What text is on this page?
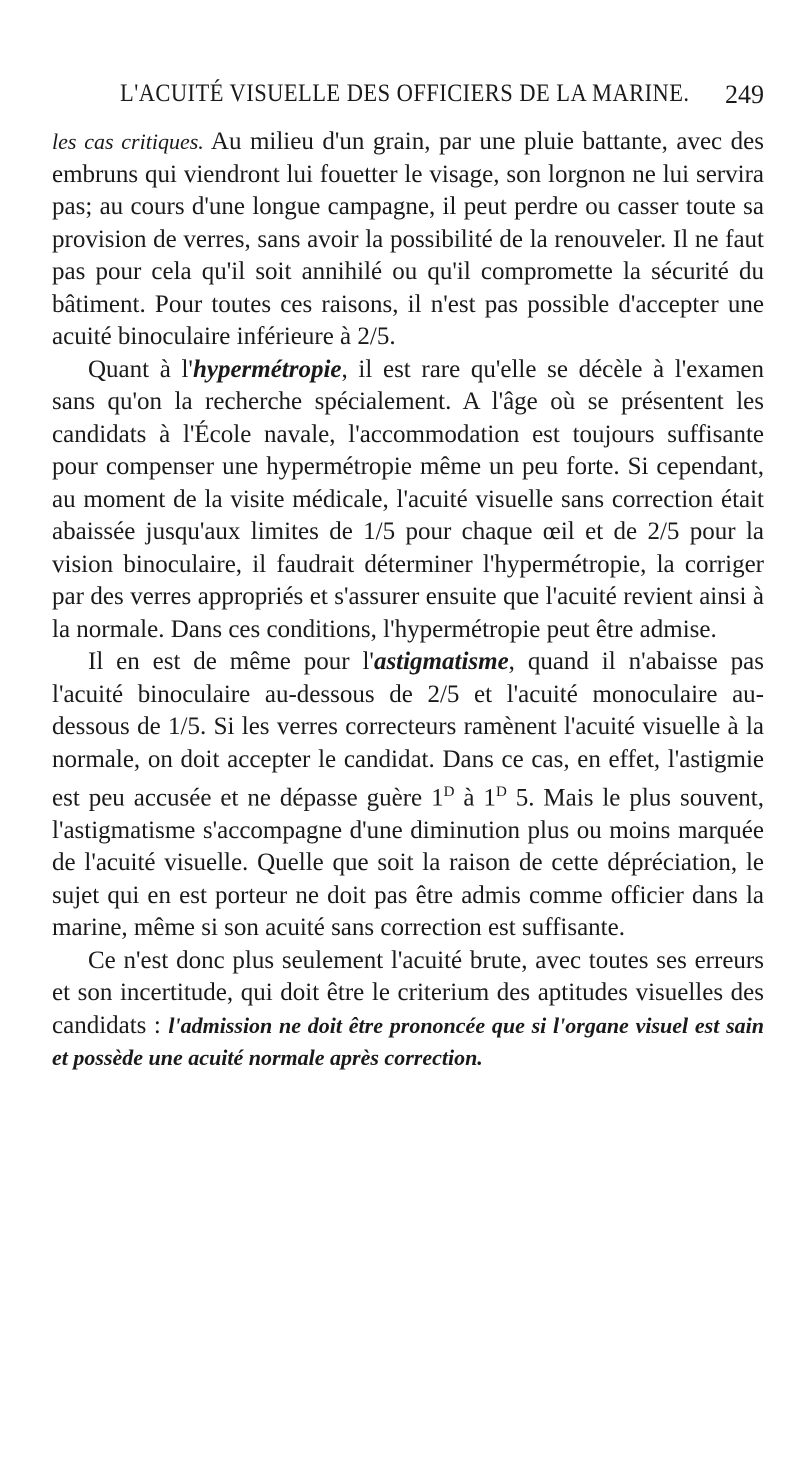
L'ACUITÉ VISUELLE DES OFFICIERS DE LA MARINE. 249

les cas critiques. Au milieu d'un grain, par une pluie battante, avec des embruns qui viendront lui fouetter le visage, son lorgnon ne lui servira pas; au cours d'une longue campagne, il peut perdre ou casser toute sa provision de verres, sans avoir la possibilité de la renouveler. Il ne faut pas pour cela qu'il soit annihilé ou qu'il compromette la sécurité du bâtiment. Pour toutes ces raisons, il n'est pas possible d'accepter une acuité binoculaire inférieure à 2/5.

Quant à l'hypermétropie, il est rare qu'elle se décèle à l'examen sans qu'on la recherche spécialement. A l'âge où se présentent les candidats à l'École navale, l'accommodation est toujours suffisante pour compenser une hypermétropie même un peu forte. Si cependant, au moment de la visite médicale, l'acuité visuelle sans correction était abaissée jusqu'aux limites de 1/5 pour chaque œil et de 2/5 pour la vision binoculaire, il faudrait déterminer l'hypermétropie, la corriger par des verres appropriés et s'assurer ensuite que l'acuité revient ainsi à la normale. Dans ces conditions, l'hypermétropie peut être admise.

Il en est de même pour l'astigmatisme, quand il n'abaisse pas l'acuité binoculaire au-dessous de 2/5 et l'acuité monoculaire au-dessous de 1/5. Si les verres correcteurs ramènent l'acuité visuelle à la normale, on doit accepter le candidat. Dans ce cas, en effet, l'astigmie est peu accusée et ne dépasse guère $1^D$ à $1^D$ 5. Mais le plus souvent, l'astigmatisme s'accompagne d'une diminution plus ou moins marquée de l'acuité visuelle. Quelle que soit la raison de cette dépréciation, le sujet qui en est porteur ne doit pas être admis comme officier dans la marine, même si son acuité sans correction est suffisante.

Ce n'est donc plus seulement l'acuité brute, avec toutes ses erreurs et son incertitude, qui doit être le criterium des aptitudes visuelles des candidats : l'admission ne doit être prononcée que si l'organe visuel est sain et possède une acuité normale après correction.
